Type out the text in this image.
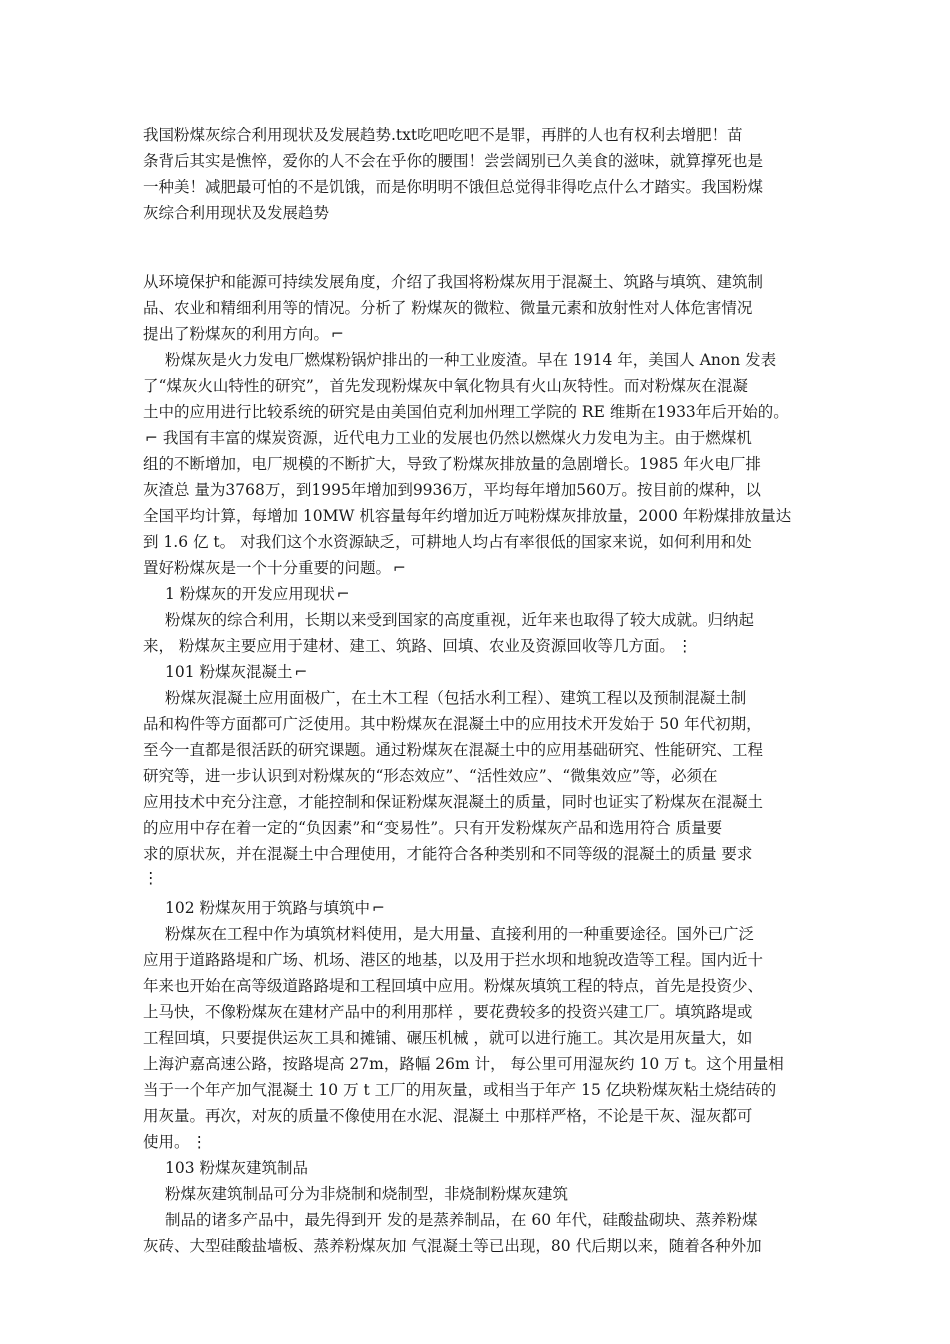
我国粉煤灰综合利用现状及发展趋势.txt吃吧吃吧不是罪，再胖的人也有权利去增肥！苗
条背后其实是憔悴，爱你的人不会在乎你的腰围！尝尝阔别已久美食的滋味，就算撑死也是
一种美！减肥最可怕的不是饥饿，而是你明明不饿但总觉得非得吃点什么才踏实。我国粉煤
灰综合利用现状及发展趋势
从环境保护和能源可持续发展角度，介绍了我国将粉煤灰用于混凝土、筑路与填筑、建筑制
品、农业和精细利用等的情况。分析了 粉煤灰的微粒、微量元素和放射性对人体危害情况
提出了粉煤灰的利用方向。 ⌐
粉煤灰是火力发电厂燃煤粉锅炉排出的一种工业废渣。早在 1914 年，美国人 Anon 发表
了“煤灰火山特性的研究”，首先发现粉煤灰中氧化物具有火山灰特性。而对粉煤灰在混凝
土中的应用进行比较系统的研究是由美国伯克利加州理工学院的 RE 维斯在1933年后开始的。
⌐ 我国有丰富的煤炭资源，近代电力工业的发展也仍然以燃煤火力发电为主。由于燃煤机
组的不断增加，电厂规模的不断扩大，导致了粉煤灰排放量的急剧增长。1985 年火电厂排
灰渣总 量为3768万，到1995年增加到9936万，平均每年增加560万。按目前的煤种，以
全国平均计算，每增加 10MW 机容量每年约增加近万吨粉煤灰排放量，2000 年粉煤排放量达
到 1.6 亿 t。 对我们这个水资源缺乏，可耕地人均占有率很低的国家来说，如何利用和处
置好粉煤灰是一个十分重要的问题。 ⌐
1 粉煤灰的开发应用现状 ⌐
粉煤灰的综合利用，长期以来受到国家的高度重视，近年来也取得了较大成就。归纳起
来， 粉煤灰主要应用于建材、建工、筑路、回填、农业及资源回收等几方面。 ⋮
101 粉煤灰混凝土 ⌐
粉煤灰混凝土应用面极广，在土木工程（包括水利工程）、建筑工程以及预制混凝土制
品和构件等方面都可广泛使用。其中粉煤灰在混凝土中的应用技术开发始于 50 年代初期，
至今一直都是很活跃的研究课题。通过粉煤灰在混凝土中的应用基础研究、性能研究、工程
研究等，进一步认识到对粉煤灰的“形态效应”、“活性效应”、“微集效应”等，必须在
应用技术中充分注意，才能控制和保证粉煤灰混凝土的质量，同时也证实了粉煤灰在混凝土
的应用中存在着一定的“负因素”和“变易性”。只有开发粉煤灰产品和选用符合 质量要
求的原状灰，并在混凝土中合理使用，才能符合各种类别和不同等级的混凝土的质量 要求
⋮
102 粉煤灰用于筑路与填筑中 ⌐
粉煤灰在工程中作为填筑材料使用，是大用量、直接利用的一种重要途径。国外已广泛
应用于道路路堤和广场、机场、港区的地基，以及用于拦水坝和地貌改造等工程。国内近十
年来也开始在高等级道路路堤和工程回填中应用。粉煤灰填筑工程的特点，首先是投资少、
上马快，不像粉煤灰在建材产品中的利用那样 ，要花费较多的投资兴建工厂。填筑路堤或
工程回填，只要提供运灰工具和摊铺、碾压机械 ，就可以进行施工。其次是用灰量大，如
上海沪嘉高速公路，按路堤高 27m，路幅 26m 计， 每公里可用湿灰约 10 万 t。这个用量相
当于一个年产加气混凝土 10 万 t 工厂的用灰量，或相当于年产 15 亿块粉煤灰粘土烧结砖的
用灰量。再次，对灰的质量不像使用在水泥、混凝土 中那样严格，不论是干灰、湿灰都可
使用。 ⋮
103 粉煤灰建筑制品
粉煤灰建筑制品可分为非烧制和烧制型，非烧制粉煤灰建筑
制品的诸多产品中，最先得到开 发的是蒸养制品，在 60 年代，硅酸盐砌块、蒸养粉煤
灰砖、大型硅酸盐墙板、蒸养粉煤灰加 气混凝土等已出现，80 代后期以来，随着各种外加
